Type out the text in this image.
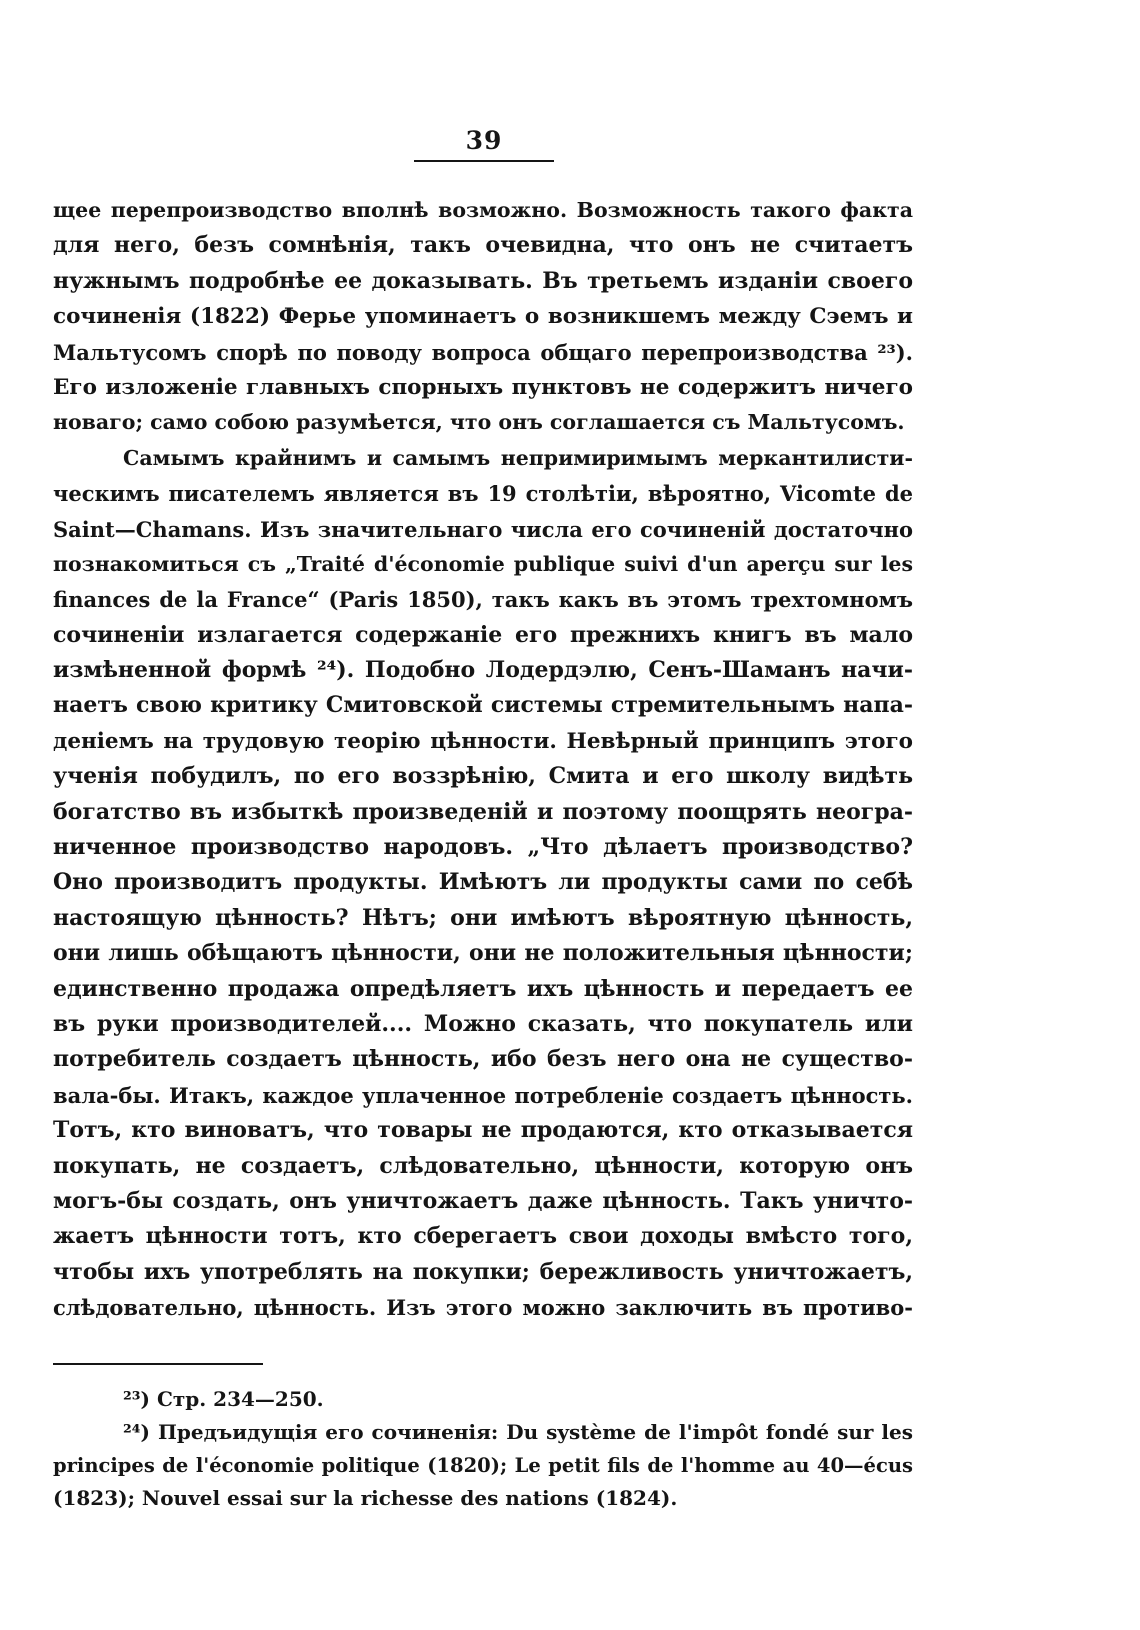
39
щее перепроизводство вполнѣ возможно. Возможность такого факта
для него, безъ сомнѣнія, такъ очевидна, что онъ не считаетъ
нужнымъ подробнѣе ее доказывать. Въ третьемъ изданіи своего
сочиненія (1822) Ферье упоминаетъ о возникшемъ между Сэемъ и
Мальтусомъ спорѣ по поводу вопроса общаго перепроизводства ²³).
Его изложеніе главныхъ спорныхъ пунктовъ не содержитъ ничего
новаго; само собою разумѣется, что онъ соглашается съ Мальтусомъ.
Самымъ крайнимъ и самымъ непримиримымъ меркантилисти-
ческимъ писателемъ является въ 19 столѣтіи, вѣроятно, Vicomte de
Saint—Chamans. Изъ значительнаго числа его сочиненій достаточно
познакомиться съ „Traité d'économie publique suivi d'un aperçu sur les
finances de la France“ (Paris 1850), такъ какъ въ этомъ трехтомномъ
сочиненіи излагается содержаніе его прежнихъ книгъ въ мало
измѣненной формѣ ²⁴). Подобно Лодердэлю, Сенъ-Шаманъ начи-
наетъ свою критику Смитовской системы стремительнымъ напа-
деніемъ на трудовую теорію цѣнности. Невѣрный принципъ этого
ученія побудилъ, по его воззрѣнію, Смита и его школу видѣть
богатство въ избыткѣ произведеній и поэтому поощрять неогра-
ниченное производство народовъ. „Что дѣлаетъ производство?
Оно производитъ продукты. Имѣютъ ли продукты сами по себѣ
настоящую цѣнность? Нѣтъ; они имѣютъ вѣроятную цѣнность,
они лишь обѣщаютъ цѣнности, они не положительныя цѣнности;
единственно продажа опредѣляетъ ихъ цѣнность и передаетъ ее
въ руки производителей.... Можно сказать, что покупатель или
потребитель создаетъ цѣнность, ибо безъ него она не существо-
вала-бы. Итакъ, каждое уплаченное потребленіе создаетъ цѣнность.
Тотъ, кто виноватъ, что товары не продаются, кто отказывается
покупать, не создаетъ, слѣдовательно, цѣнности, которую онъ
могъ-бы создать, онъ уничтожаетъ даже цѣнность. Такъ уничто-
жаетъ цѣнности тотъ, кто сберегаетъ свои доходы вмѣсто того,
чтобы ихъ употреблять на покупки; бережливость уничтожаетъ,
слѣдовательно, цѣнность. Изъ этого можно заключить въ противо-
²³) Стр. 234—250.
²⁴) Предъидущія его сочиненія: Du système de l'impôt fondé sur les
principes de l'économie politique (1820); Le petit fils de l'homme au 40—écus
(1823); Nouvel essai sur la richesse des nations (1824).
